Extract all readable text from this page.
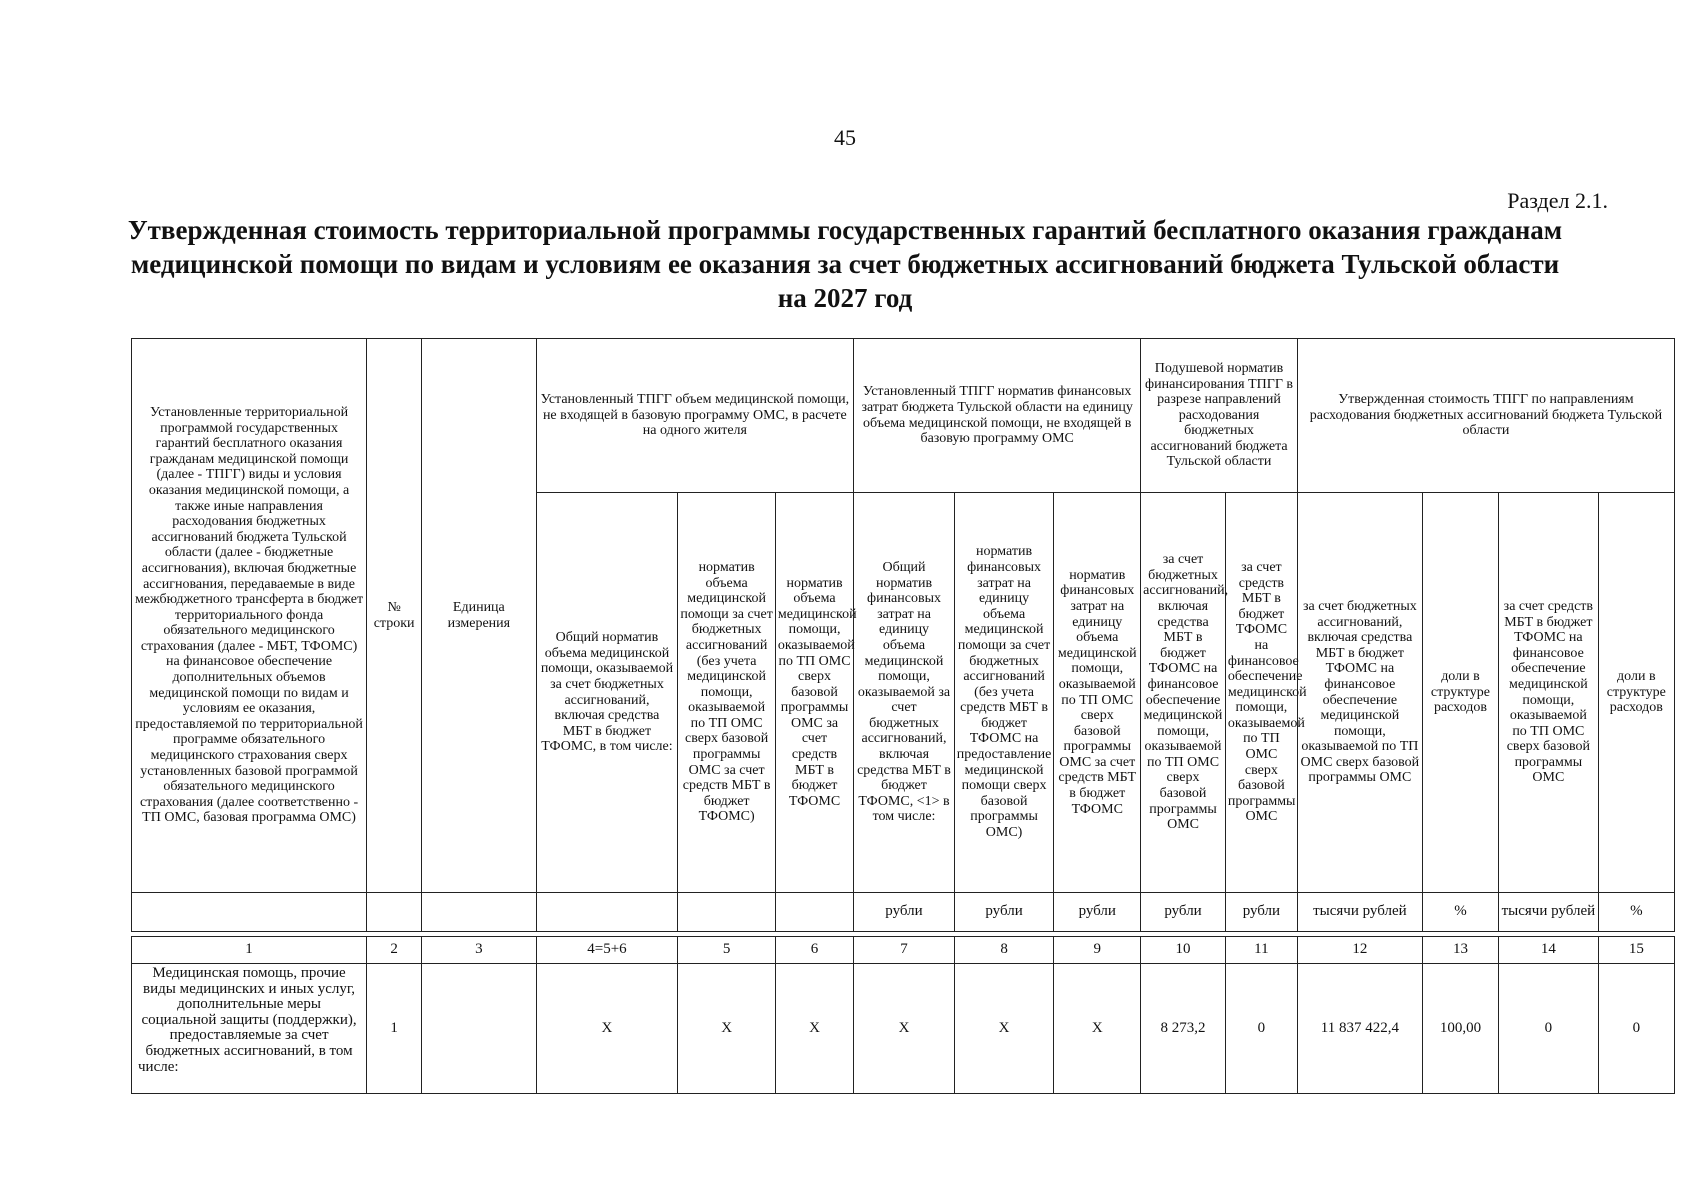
45
Раздел 2.1.
Утвержденная стоимость территориальной программы государственных гарантий бесплатного оказания гражданам медицинской помощи по видам и условиям ее оказания за счет бюджетных ассигнований бюджета Тульской области на 2027 год
Установленные территориальной программой государственных гарантий бесплатного оказания гражданам медицинской помощи (далее - ТПГГ) виды и условия оказания медицинской помощи, а также иные направления расходования бюджетных ассигнований бюджета Тульской области (далее - бюджетные ассигнования), включая бюджетные ассигнования, передаваемые в виде межбюджетного трансферта в бюджет территориального фонда обязательного медицинского страхования (далее - МБТ, ТФОМС) на финансовое обеспечение дополнительных объемов медицинской помощи по видам и условиям ее оказания, предоставляемой по территориальной программе обязательного медицинского страхования сверх установленных базовой программой обязательного медицинского страхования (далее соответственно - ТП ОМС, базовая программа ОМС)	№ строки	Единица измерения	Установленный ТПГГ объем медицинской помощи, не входящей в базовую программу ОМС, в расчете на одного жителя			Установленный ТПГГ норматив финансовых затрат бюджета Тульской области на единицу объема медицинской помощи, не входящей в базовую программу ОМС			Подушевой норматив финансирования ТПГГ в разрезе направлений расходования бюджетных ассигнований бюджета Тульской области		Утвержденная стоимость ТПГГ по направлениям расходования бюджетных ассигнований бюджета Тульской области			
			Общий норматив объема медицинской помощи, оказываемой за счет бюджетных ассигнований, включая средства МБТ в бюджет ТФОМС, в том числе:	норматив объема медицинской помощи за счет бюджетных ассигнований (без учета медицинской помощи, оказываемой по ТП ОМС сверх базовой программы ОМС за счет средств МБТ в бюджет ТФОМС)	норматив объема медицинской помощи, оказываемой по ТП ОМС сверх базовой программы ОМС за счет средств МБТ в бюджет ТФОМС	Общий норматив финансовых затрат на единицу объема медицинской помощи, оказываемой за счет бюджетных ассигнований, включая средства МБТ в бюджет ТФОМС, <1> в том числе:	норматив финансовых затрат на единицу объема медицинской помощи за счет бюджетных ассигнований (без учета средств МБТ в бюджет ТФОМС на предоставление медицинской помощи сверх базовой программы ОМС)	норматив финансовых затрат на единицу объема медицинской помощи, оказываемой по ТП ОМС сверх базовой программы ОМС за счет средств МБТ в бюджет ТФОМС	за счет бюджетных ассигнований, включая средства МБТ в бюджет ТФОМС на финансовое обеспечение медицинской помощи, оказываемой по ТП ОМС сверх базовой программы ОМС	за счет средств МБТ в бюджет ТФОМС на финансовое обеспечение медицинской помощи, оказываемой по ТП ОМС сверх базовой программы ОМС	за счет бюджетных ассигнований, включая средства МБТ в бюджет ТФОМС на финансовое обеспечение медицинской помощи, оказываемой по ТП ОМС сверх базовой программы ОМС	доли в структуре расходов	за счет средств МБТ в бюджет ТФОМС на финансовое обеспечение медицинской помощи, оказываемой по ТП ОМС сверх базовой программы ОМС	доли в структуре расходов
						рубли	рубли	рубли	рубли	рубли	тысячи рублей	%	тысячи рублей	%

1	2	3	4=5+6	5	6	7	8	9	10	11	12	13	14	15
Медицинская помощь, прочие виды медицинских и иных услуг, дополнительные меры социальной защиты (поддержки), предоставляемые за счет бюджетных ассигнований, в том числе:	1		X	X	X	X	X	X	8 273,2	0	11 837 422,4	100,00	0	0
